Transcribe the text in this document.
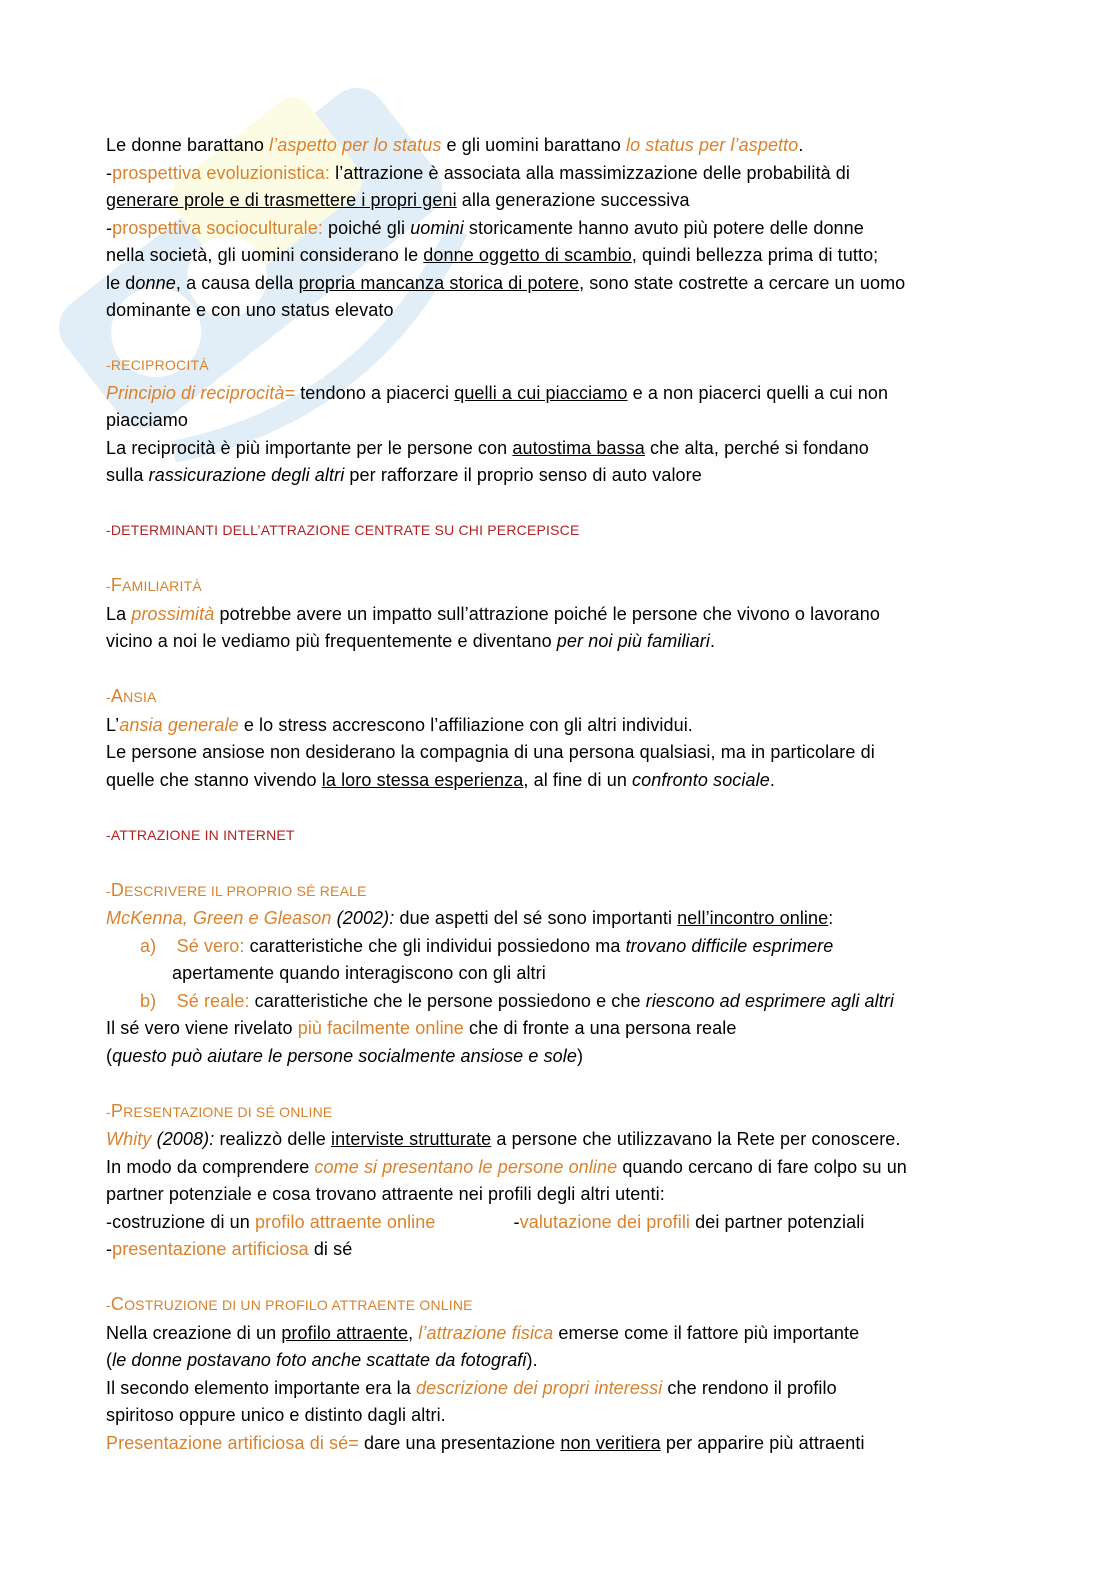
Le donne barattano l’aspetto per lo status e gli uomini barattano lo status per l’aspetto.
-prospettiva evoluzionistica: l’attrazione è associata alla massimizzazione delle probabilità di
generare prole e di trasmettere i propri geni alla generazione successiva
-prospettiva socioculturale: poiché gli uomini storicamente hanno avuto più potere delle donne
nella società, gli uomini considerano le donne oggetto di scambio, quindi bellezza prima di tutto;
le donne, a causa della propria mancanza storica di potere, sono state costrette a cercare un uomo
dominante e con uno status elevato
-RECIPROCITÀ
Principio di reciprocità= tendono a piacerci quelli a cui piacciamo e a non piacerci quelli a cui non
piacciamo
La reciprocità è più importante per le persone con autostima bassa che alta, perché si fondano
sulla rassicurazione degli altri per rafforzare il proprio senso di auto valore
-DETERMINANTI DELL’ATTRAZIONE CENTRATE SU CHI PERCEPISCE
-FAMILIARITÀ
La prossimità potrebbe avere un impatto sull’attrazione poiché le persone che vivono o lavorano
vicino a noi le vediamo più frequentemente e diventano per noi più familiari.
-ANSIA
L’ansia generale e lo stress accrescono l’affiliazione con gli altri individui.
Le persone ansiose non desiderano la compagnia di una persona qualsiasi, ma in particolare di
quelle che stanno vivendo la loro stessa esperienza, al fine di un confronto sociale.
-ATTRAZIONE IN INTERNET
-DESCRIVERE IL PROPRIO SÉ REALE
McKenna, Green e Gleason (2002): due aspetti del sé sono importanti nell’incontro online:
a) Sé vero: caratteristiche che gli individui possiedono ma trovano difficile esprimere
apertamente quando interagiscono con gli altri
b) Sé reale: caratteristiche che le persone possiedono e che riescono ad esprimere agli altri
Il sé vero viene rivelato più facilmente online che di fronte a una persona reale
(questo può aiutare le persone socialmente ansiose e sole)
-PRESENTAZIONE DI SÉ ONLINE
Whity (2008): realizzò delle interviste strutturate a persone che utilizzavano la Rete per conoscere.
In modo da comprendere come si presentano le persone online quando cercano di fare colpo su un
partner potenziale e cosa trovano attraente nei profili degli altri utenti:
-costruzione di un profilo attraente online	-valutazione dei profili dei partner potenziali
-presentazione artificiosa di sé
-COSTRUZIONE DI UN PROFILO ATTRAENTE ONLINE
Nella creazione di un profilo attraente, l’attrazione fisica emerse come il fattore più importante
(le donne postavano foto anche scattate da fotografi).
Il secondo elemento importante era la descrizione dei propri interessi che rendono il profilo
spiritoso oppure unico e distinto dagli altri.
Presentazione artificiosa di sé= dare una presentazione non veritiera per apparire più attraenti
